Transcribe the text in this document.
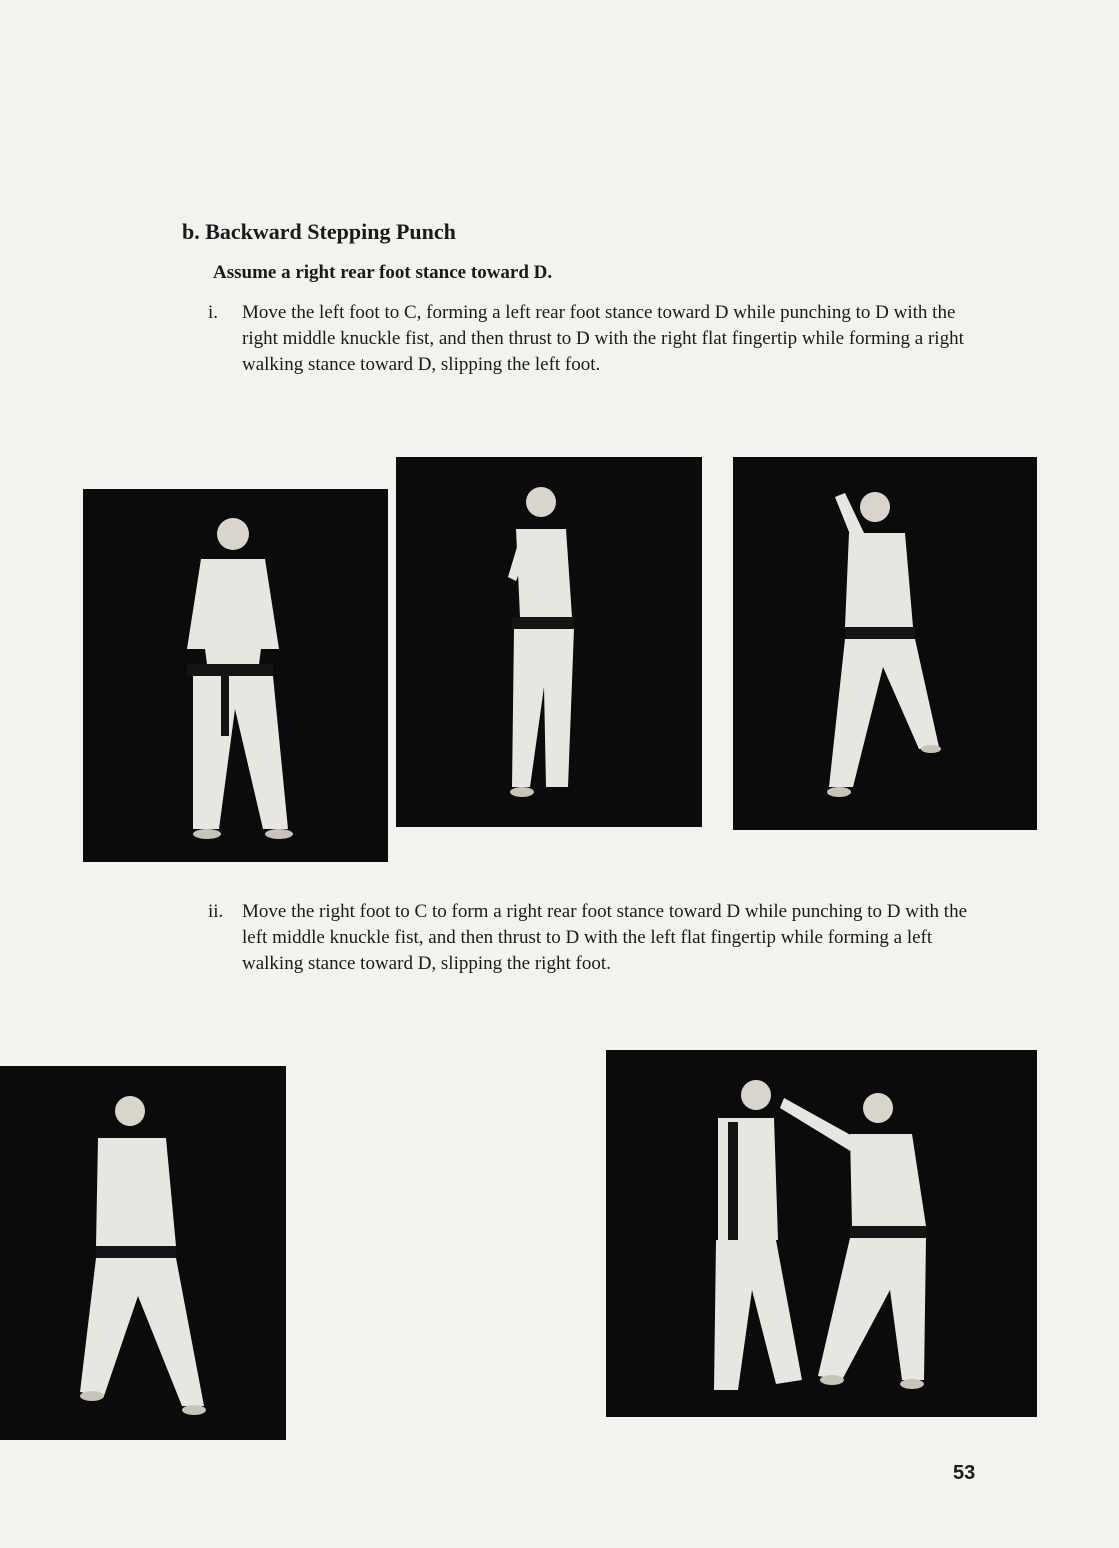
b. Backward Stepping Punch

Assume a right rear foot stance toward D.

i. Move the left foot to C, forming a left rear foot stance toward D while punching to D with the right middle knuckle fist, and then thrust to D with the right flat fingertip while forming a right walking stance toward D, slipping the left foot.

ii. Move the right foot to C to form a right rear foot stance toward D while punching to D with the left middle knuckle fist, and then thrust to D with the left flat fingertip while forming a left walking stance toward D, slipping the right foot.

53
